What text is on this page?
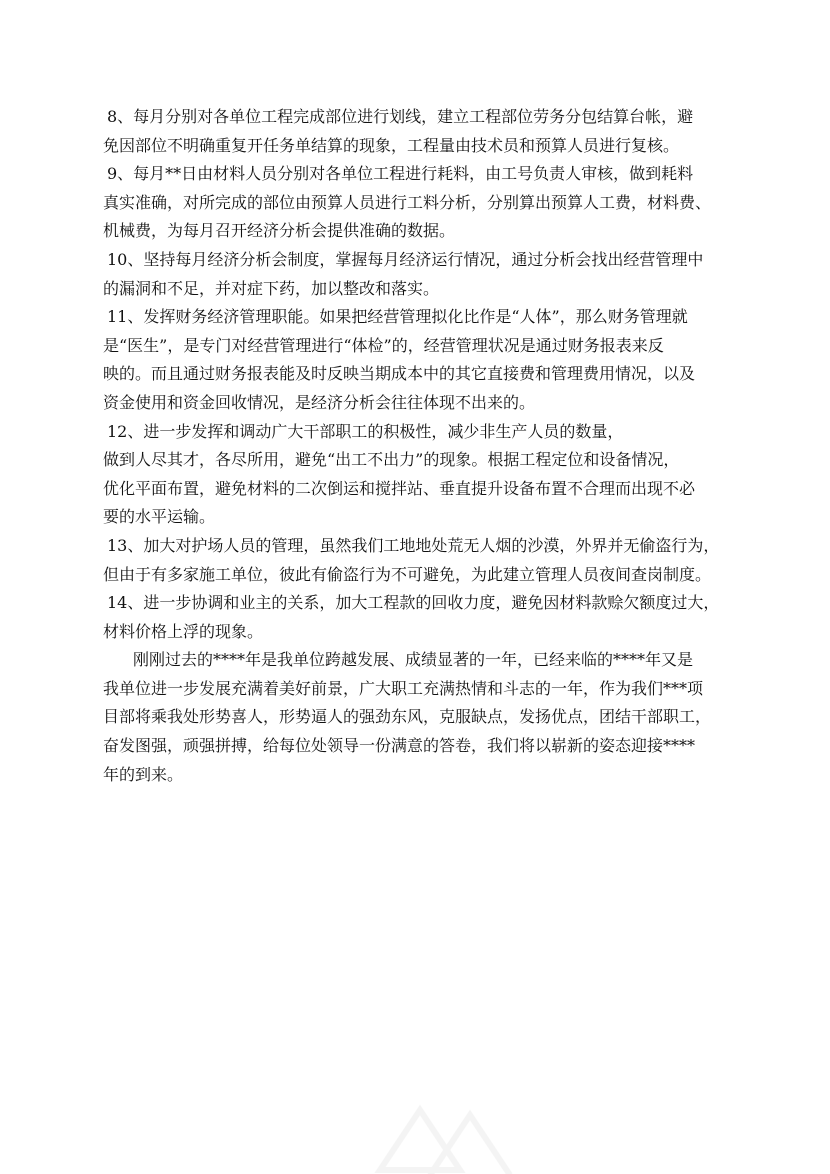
8、每月分别对各单位工程完成部位进行划线，建立工程部位劳务分包结算台帐，避
免因部位不明确重复开任务单结算的现象，工程量由技术员和预算人员进行复核。

9、每月**日由材料人员分别对各单位工程进行耗料，由工号负责人审核，做到耗料
真实准确，对所完成的部位由预算人员进行工料分析，分别算出预算人工费，材料费、
机械费，为每月召开经济分析会提供准确的数据。

10、坚持每月经济分析会制度，掌握每月经济运行情况，通过分析会找出经营管理中
的漏洞和不足，并对症下药，加以整改和落实。

11、发挥财务经济管理职能。如果把经营管理拟化比作是“人体”，那么财务管理就
是“医生”，是专门对经营管理进行“体检”的，经营管理状况是通过财务报表来反
映的。而且通过财务报表能及时反映当期成本中的其它直接费和管理费用情况，以及
资金使用和资金回收情况，是经济分析会往往体现不出来的。

12、进一步发挥和调动广大干部职工的积极性，减少非生产人员的数量，
做到人尽其才，各尽所用，避免“出工不出力”的现象。根据工程定位和设备情况，
优化平面布置，避免材料的二次倒运和搅拌站、垂直提升设备布置不合理而出现不必
要的水平运输。

13、加大对护场人员的管理，虽然我们工地地处荒无人烟的沙漠，外界并无偷盗行为，
但由于有多家施工单位，彼此有偷盗行为不可避免，为此建立管理人员夜间查岗制度。

14、进一步协调和业主的关系，加大工程款的回收力度，避免因材料款赊欠额度过大，
材料价格上浮的现象。

刚刚过去的****年是我单位跨越发展、成绩显著的一年，已经来临的****年又是
我单位进一步发展充满着美好前景，广大职工充满热情和斗志的一年，作为我们***项
目部将乘我处形势喜人，形势逼人的强劲东风，克服缺点，发扬优点，团结干部职工，
奋发图强，顽强拼搏，给每位处领导一份满意的答卷，我们将以崭新的姿态迎接****
年的到来。
